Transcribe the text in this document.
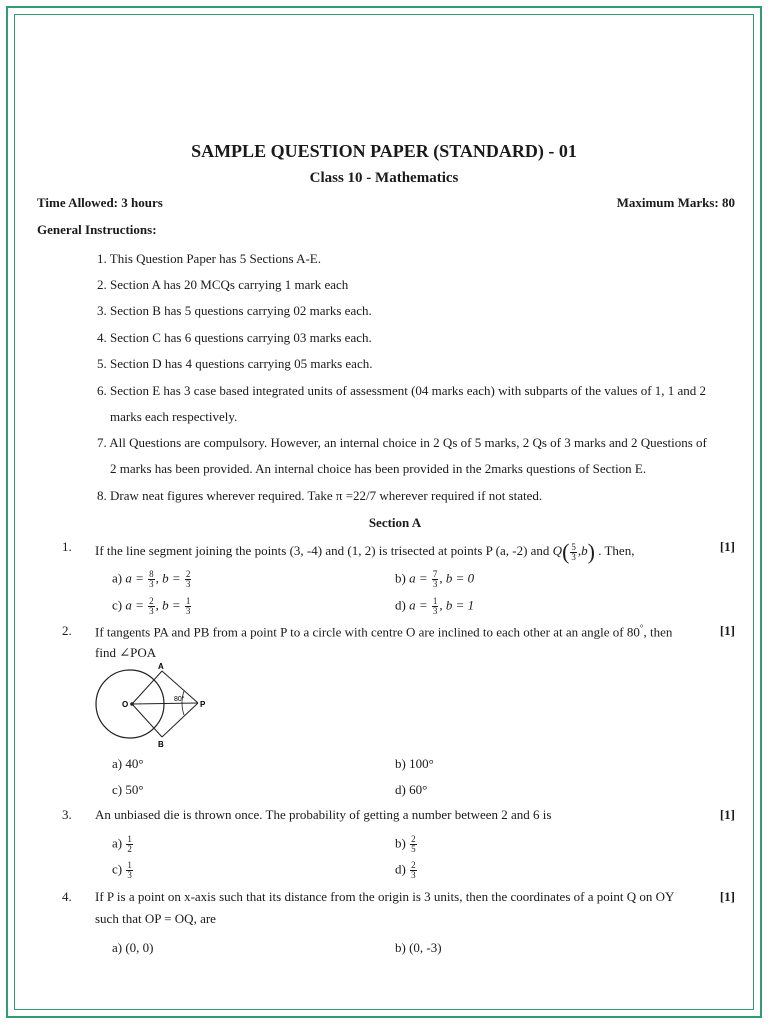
SAMPLE QUESTION PAPER (STANDARD) - 01
Class 10 - Mathematics
Time Allowed: 3 hours	Maximum Marks: 80
General Instructions:
1. This Question Paper has 5 Sections A-E.
2. Section A has 20 MCQs carrying 1 mark each
3. Section B has 5 questions carrying 02 marks each.
4. Section C has 6 questions carrying 03 marks each.
5. Section D has 4 questions carrying 05 marks each.
6. Section E has 3 case based integrated units of assessment (04 marks each) with subparts of the values of 1, 1 and 2
marks each respectively.
7. All Questions are compulsory. However, an internal choice in 2 Qs of 5 marks, 2 Qs of 3 marks and 2 Questions of
2 marks has been provided. An internal choice has been provided in the 2marks questions of Section E.
8. Draw neat figures wherever required. Take π =22/7 wherever required if not stated.
Section A
1. If the line segment joining the points (3, -4) and (1, 2) is trisected at points P (a, -2) and $Q( \frac{5}{3} ,b)$ . Then,	[1]
a) $a = \frac{8}{3}$ , $b = \frac{2}{3}$	b) $a = \frac{7}{3}$ , b = 0
c) $a = \frac{2}{3}$ , $b = \frac{1}{3}$	d) $a = \frac{1}{3}$ , b = 1
2. If tangents PA and PB from a point P to a circle with centre O are inclined to each other at an angle of 80°, then
find ∠POA
[1]
A
B
O	P
80°
a) 40°	b) 100°
c) 50°	d) 60°
3. An unbiased die is thrown once. The probability of getting a number between 2 and 6 is	[1]
$a) \frac{1}{2}$	$b) \frac{2}{5}$
$c) \frac{1}{3}$	$d) \frac{2}{3}$
4. If P is a point on x-axis such that its distance from the origin is 3 units, then the coordinates of a point Q on OY
such that OP = OQ, are
[1]
a) (0, 0)	b) (0, -3)
